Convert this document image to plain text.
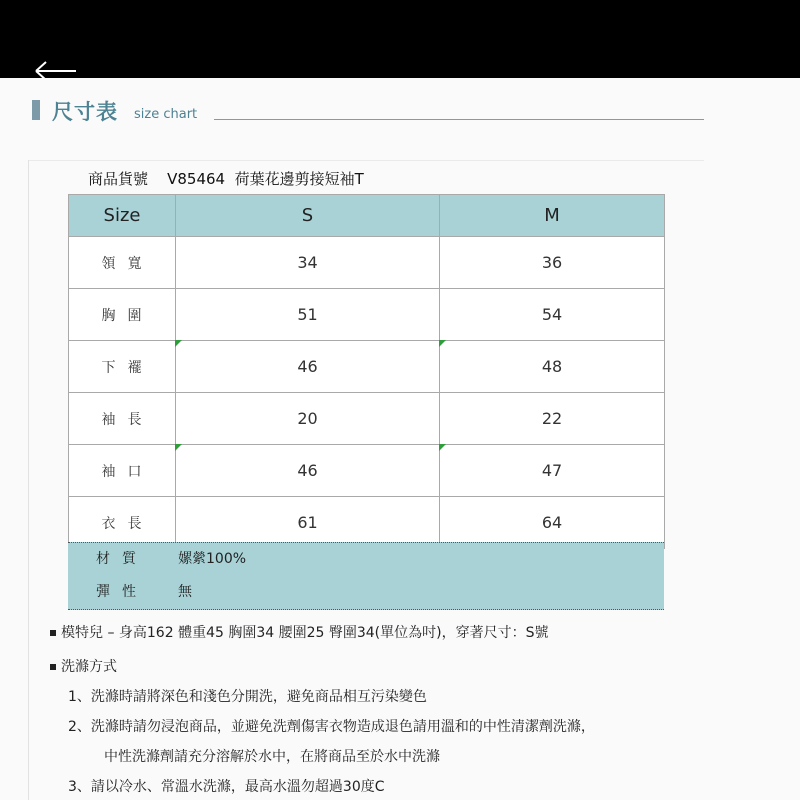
尺寸表 size chart
商品貨號 V85464 荷葉花邊剪接短袖T
Size	S	M
領寬	34	36
胸圍	51	54
下襬	46	48
袖長	20	22
袖口	46	47
衣長	61	64
材質 嫘縈100%
彈性 無
模特兒 – 身高162 體重45 胸圍34 腰圍25 臀圍34(單位為吋)，穿著尺寸：S號
洗滌方式
1、洗滌時請將深色和淺色分開洗，避免商品相互污染變色
2、洗滌時請勿浸泡商品，並避免洗劑傷害衣物造成退色請用溫和的中性清潔劑洗滌，
中性洗滌劑請充分溶解於水中，在將商品至於水中洗滌
3、請以冷水、常溫水洗滌，最高水溫勿超過30度C
